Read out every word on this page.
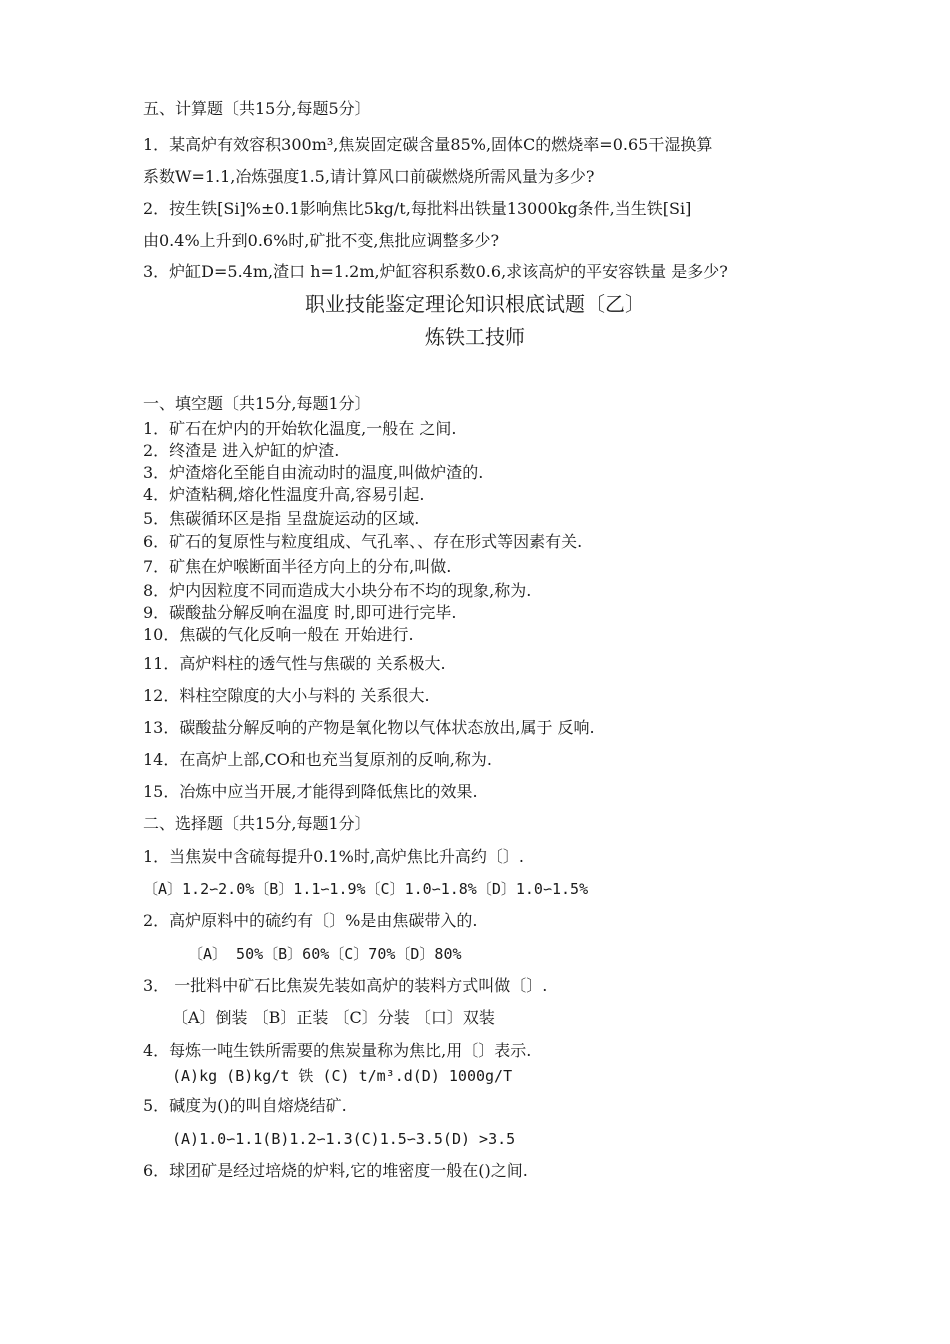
五、计算题〔共15分,每题5分〕
1．某高炉有效容积300m³,焦炭固定碳含量85%,固体C的燃烧率=0.65干湿换算
系数W=1.1,冶炼强度1.5,请计算风口前碳燃烧所需风量为多少?
2．按生铁[Si]%±0.1影响焦比5kg/t,每批料出铁量13000kg条件,当生铁[Si]
由0.4%上升到0.6%时,矿批不变,焦批应调整多少?
3．炉缸D=5.4m,渣口 h=1.2m,炉缸容积系数0.6,求该高炉的平安容铁量 是多少?
职业技能鉴定理论知识根底试题〔乙〕
炼铁工技师
一、填空题〔共15分,每题1分〕
1．矿石在炉内的开始软化温度,一般在 之间.
2．终渣是 进入炉缸的炉渣.
3．炉渣熔化至能自由流动时的温度,叫做炉渣的.
4．炉渣粘稠,熔化性温度升高,容易引起.
5．焦碳循环区是指 呈盘旋运动的区域.
6．矿石的复原性与粒度组成、气孔率、、存在形式等因素有关.
7．矿焦在炉喉断面半径方向上的分布,叫做.
8．炉内因粒度不同而造成大小块分布不均的现象,称为.
9．碳酸盐分解反响在温度 时,即可进行完毕.
10．焦碳的气化反响一般在 开始进行.
11．高炉料柱的透气性与焦碳的 关系极大.
12．料柱空隙度的大小与料的 关系很大.
13．碳酸盐分解反响的产物是氧化物以气体状态放出,属于 反响.
14．在高炉上部,CO和也充当复原剂的反响,称为.
15．冶炼中应当开展,才能得到降低焦比的效果.
二、选择题〔共15分,每题1分〕
1．当焦炭中含硫每提升0.1%时,高炉焦比升高约〔〕.
〔A〕1.2∽2.0%〔B〕1.1∽1.9%〔C〕1.0∽1.8%〔D〕1.0∽1.5%
2．高炉原料中的硫约有〔〕%是由焦碳带入的.
〔A〕 50%〔B〕60%〔C〕70%〔D〕80%
3． 一批料中矿石比焦炭先装如高炉的装料方式叫做〔〕.
〔A〕倒装 〔B〕正装 〔C〕分装 〔口〕双装
4．每炼一吨生铁所需要的焦炭量称为焦比,用〔〕表示.
(A)kg (B)kg/t 铁 (C) t/m³.d(D) 1000g/T
5．碱度为()的叫自熔烧结矿.
(A)1.0∽1.1(B)1.2∽1.3(C)1.5∽3.5(D) >3.5
6．球团矿是经过培烧的炉料,它的堆密度一般在()之间.
